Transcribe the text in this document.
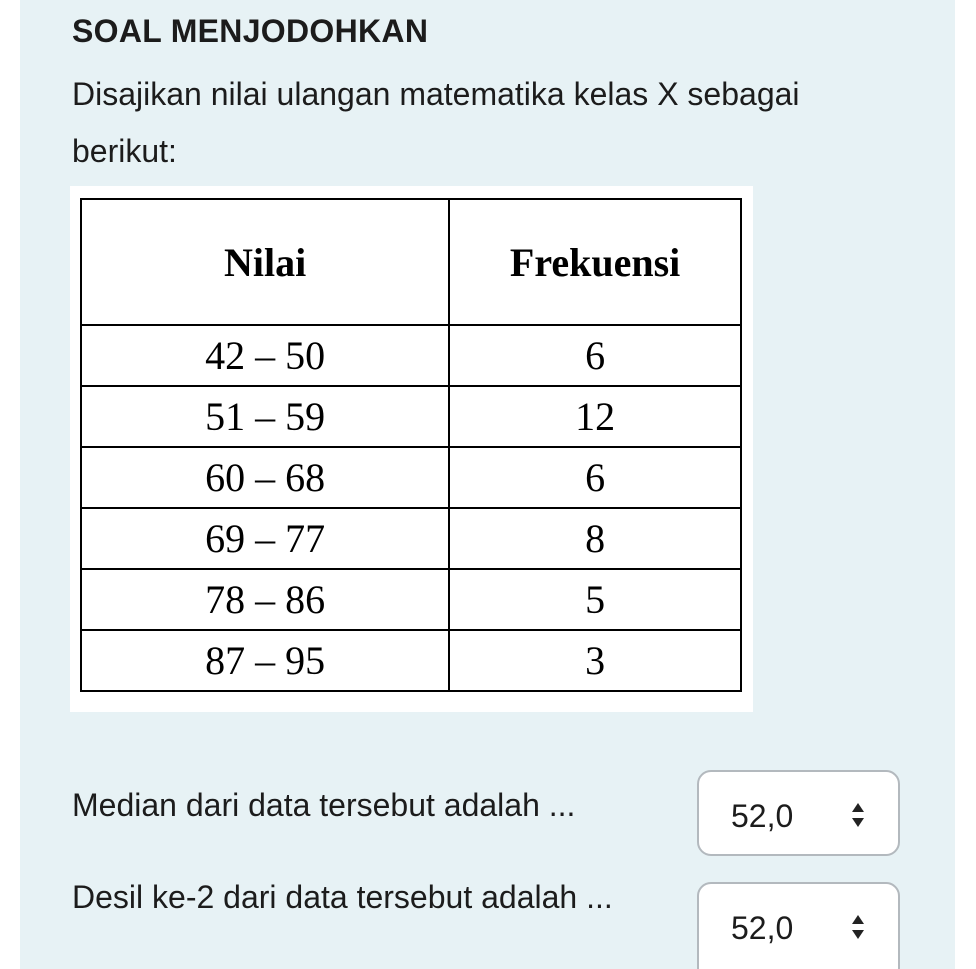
SOAL MENJODOHKAN

Disajikan nilai ulangan matematika kelas X sebagai berikut:

Nilai	Frekuensi
42 – 50	6
51 – 59	12
60 – 68	6
69 – 77	8
78 – 86	5
87 – 95	3

Median dari data tersebut adalah ...	52,0

Desil ke-2 dari data tersebut adalah ...

52,0
